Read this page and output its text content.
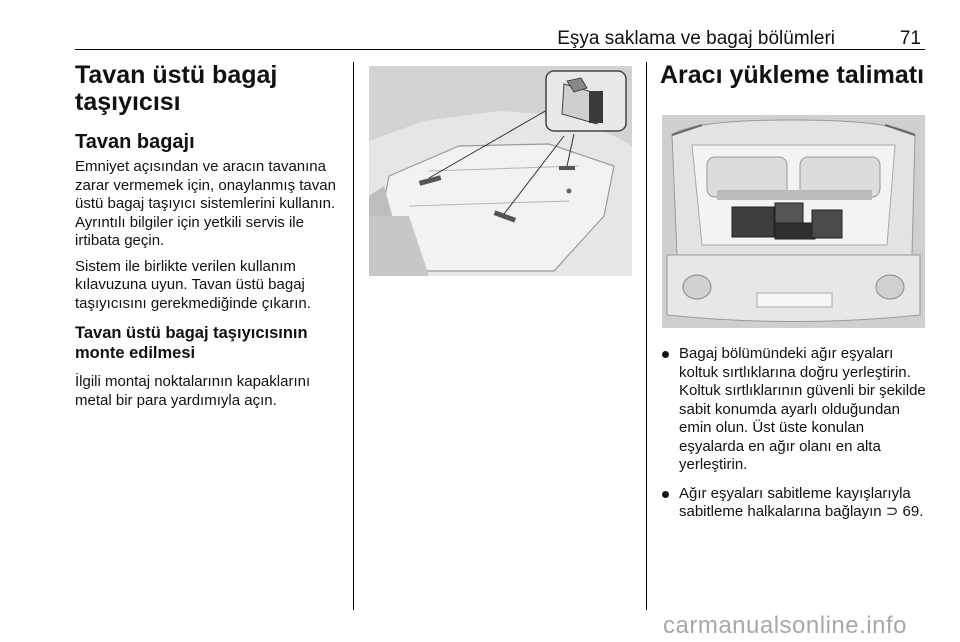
Eşya saklama ve bagaj bölümleri	71
Tavan üstü bagaj taşıyıcısı
Tavan bagajı

Emniyet açısından ve aracın tavanına zarar vermemek için, onaylanmış tavan üstü bagaj taşıyıcı sistemlerini kullanın. Ayrıntılı bilgiler için yetkili servis ile irtibata geçin.

Sistem ile birlikte verilen kullanım kılavuzuna uyun. Tavan üstü bagaj taşıyıcısını gerekmediğinde çıkarın.

Tavan üstü bagaj taşıyıcısının monte edilmesi

İlgili montaj noktalarının kapaklarını metal bir para yardımıyla açın.

Aracı yükleme talimatı
Bagaj bölümündeki ağır eşyaları koltuk sırtlıklarına doğru yerleştirin. Koltuk sırtlıklarının güvenli bir şekilde sabit konumda ayarlı olduğundan emin olun. Üst üste konulan eşyalarda en ağır olanı en alta yerleştirin.
Ağır eşyaları sabitleme kayışlarıyla sabitleme halkalarına bağlayın ⊃ 69.
carmanualsonline.info
